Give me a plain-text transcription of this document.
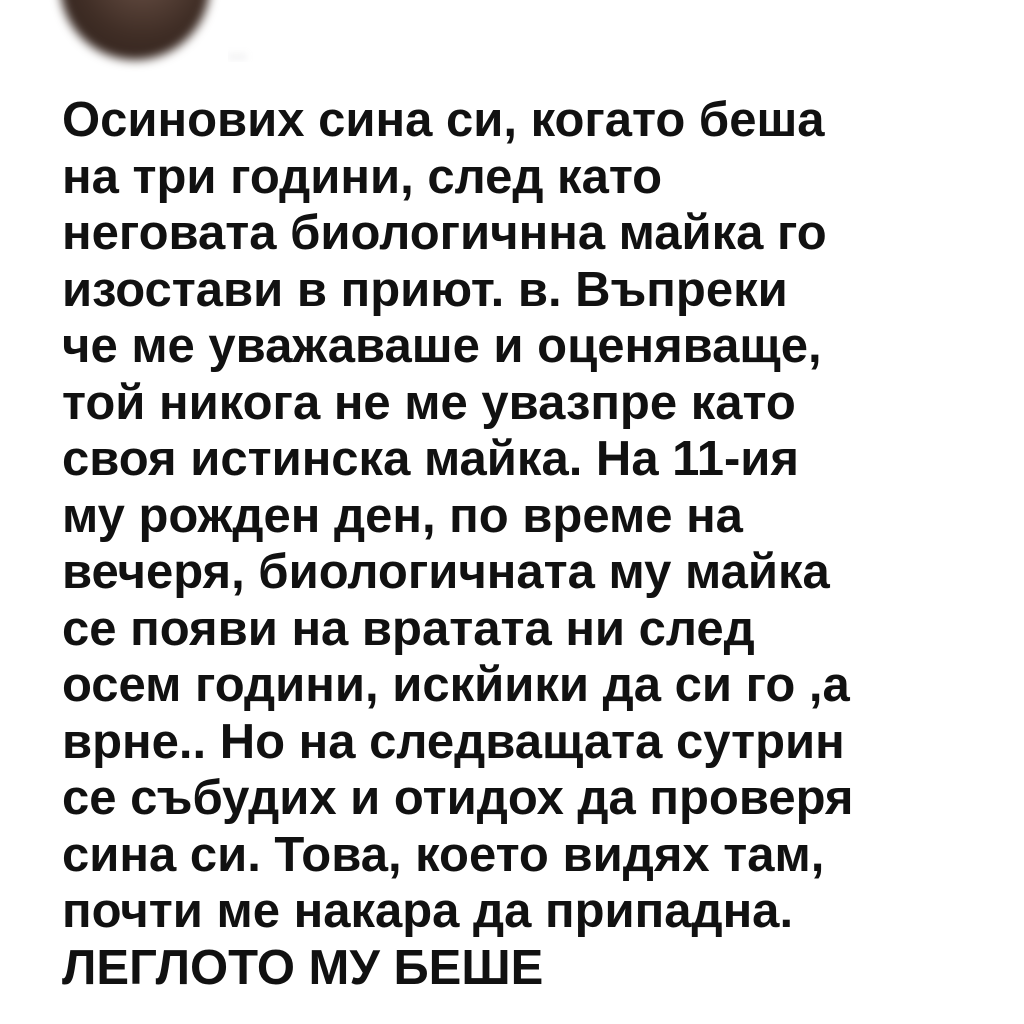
...
Осинових сина си, когато беша
на три години, след като
неговата биологичнна майка го
изостави в приют. в. Въпреки
че ме уважаваше и оценяваще,
той никога не ме увазпре като
своя истинска майка. На 11-ия
му рожден ден, по време на
вечеря, биологичната му майка
се появи на вратата ни след
осем години, искйики да си го ,а
врне.. Но на следващата сутрин
се събудих и отидох да проверя
сина си. Това, което видях там,
почти ме накара да припадна.
ЛЕГЛОТО МУ БЕШЕ
